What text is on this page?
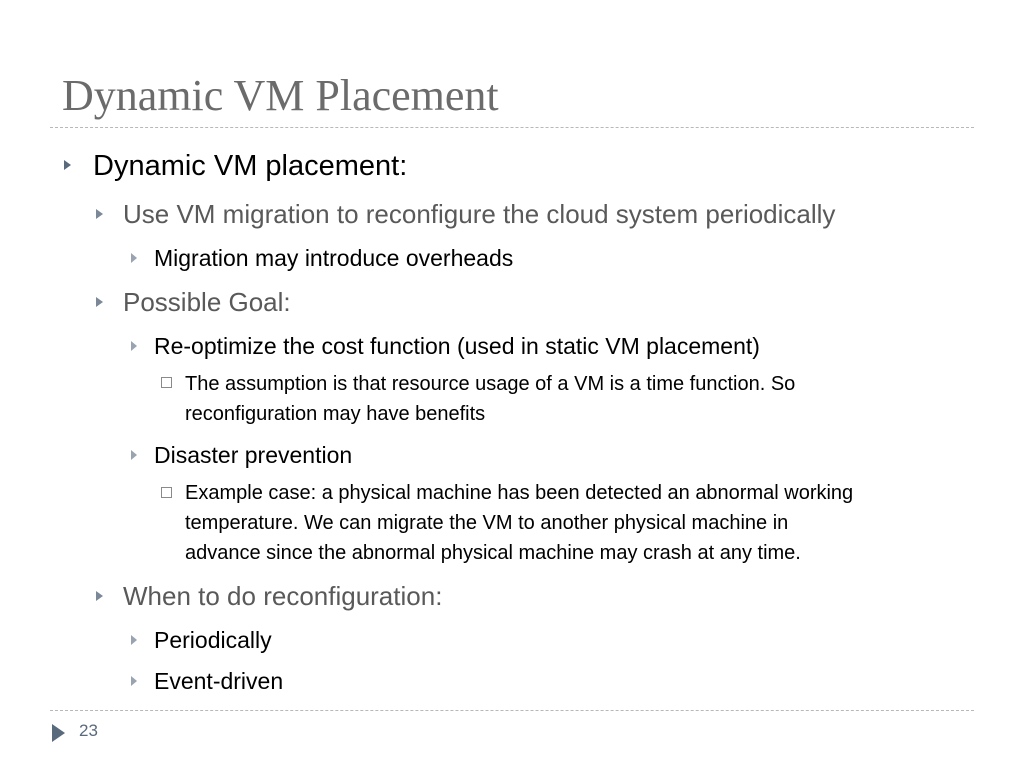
Dynamic VM Placement
Dynamic VM placement:
Use VM migration to reconfigure the cloud system periodically
Migration may introduce overheads
Possible Goal:
Re-optimize the cost function (used in static VM placement)
The assumption is that resource usage of a VM is a time function. So
reconfiguration may have benefits
Disaster prevention
Example case: a physical machine has been detected an abnormal working
temperature. We can migrate the VM to another physical machine in
advance since the abnormal physical machine may crash at any time.
When to do reconfiguration:
Periodically
Event-driven
23
